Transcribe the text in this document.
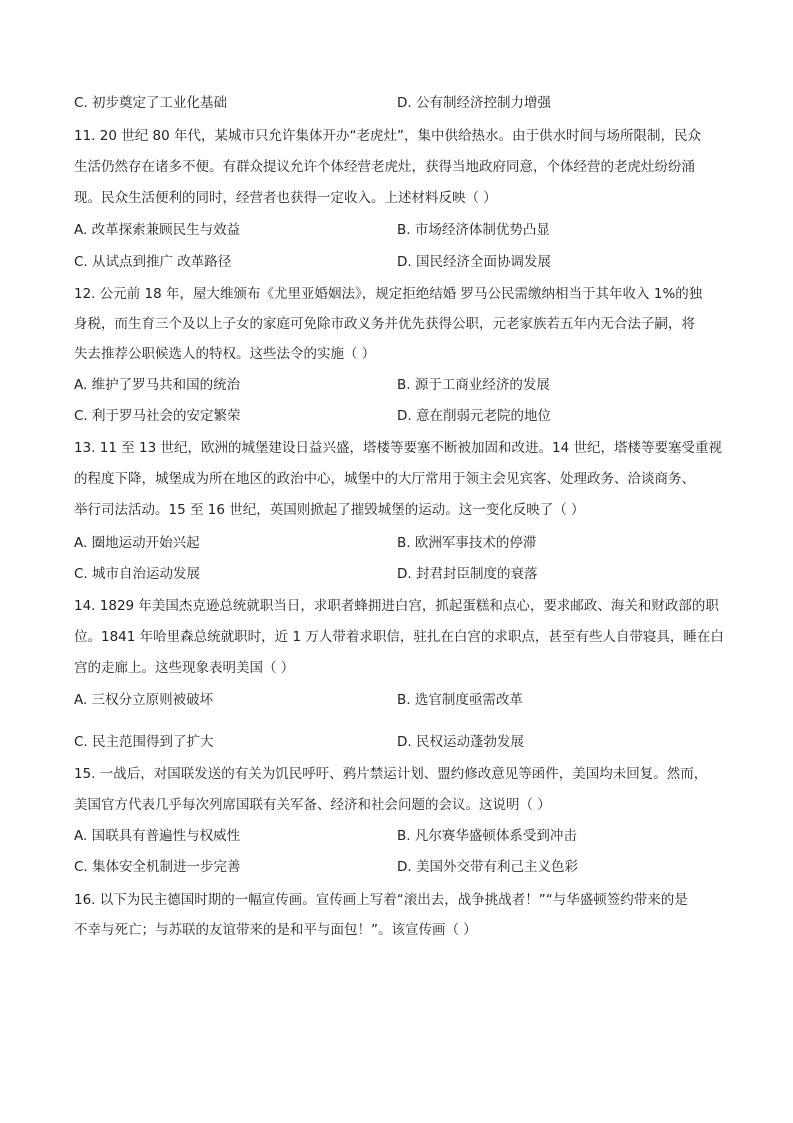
C. 初步奠定了工业化基础	D. 公有制经济控制力增强
11. 20 世纪 80 年代，某城市只允许集体开办“老虎灶”，集中供给热水。由于供水时间与场所限制，民众
生活仍然存在诸多不便。有群众提议允许个体经营老虎灶，获得当地政府同意，个体经营的老虎灶纷纷涌
现。民众生活便利的同时，经营者也获得一定收入。上述材料反映（ ）
A. 改革探索兼顾民生与效益	B. 市场经济体制优势凸显
C. 从试点到推广 改革路径	D. 国民经济全面协调发展
12. 公元前 18 年，屋大维颁布《尤里亚婚姻法》，规定拒绝结婚 罗马公民需缴纳相当于其年收入 1%的独
身税，而生育三个及以上子女的家庭可免除市政义务并优先获得公职，元老家族若五年内无合法子嗣，将
失去推荐公职候选人的特权。这些法令的实施（ ）
A. 维护了罗马共和国的统治	B. 源于工商业经济的发展
C. 利于罗马社会的安定繁荣	D. 意在削弱元老院的地位
13. 11 至 13 世纪，欧洲的城堡建设日益兴盛，塔楼等要塞不断被加固和改进。14 世纪，塔楼等要塞受重视
的程度下降，城堡成为所在地区的政治中心，城堡中的大厅常用于领主会见宾客、处理政务、洽谈商务、
举行司法活动。15 至 16 世纪，英国则掀起了摧毁城堡的运动。这一变化反映了（ ）
A. 圈地运动开始兴起	B. 欧洲军事技术的停滞
C. 城市自治运动发展	D. 封君封臣制度的衰落
14. 1829 年美国杰克逊总统就职当日，求职者蜂拥进白宫，抓起蛋糕和点心，要求邮政、海关和财政部的职
位。1841 年哈里森总统就职时，近 1 万人带着求职信，驻扎在白宫的求职点，甚至有些人自带寝具，睡在白
宫的走廊上。这些现象表明美国（ ）
A. 三权分立原则被破坏	B. 选官制度亟需改革
C. 民主范围得到了扩大	D. 民权运动蓬勃发展
15. 一战后，对国联发送的有关为饥民呼吁、鸦片禁运计划、盟约修改意见等函件，美国均未回复。然而，
美国官方代表几乎每次列席国联有关军备、经济和社会问题的会议。这说明（ ）
A. 国联具有普遍性与权威性	B. 凡尔赛华盛顿体系受到冲击
C. 集体安全机制进一步完善	D. 美国外交带有利己主义色彩
16. 以下为民主德国时期的一幅宣传画。宣传画上写着“滚出去，战争挑战者！”“与华盛顿签约带来的是
不幸与死亡；与苏联的友谊带来的是和平与面包！”。该宣传画（ ）
